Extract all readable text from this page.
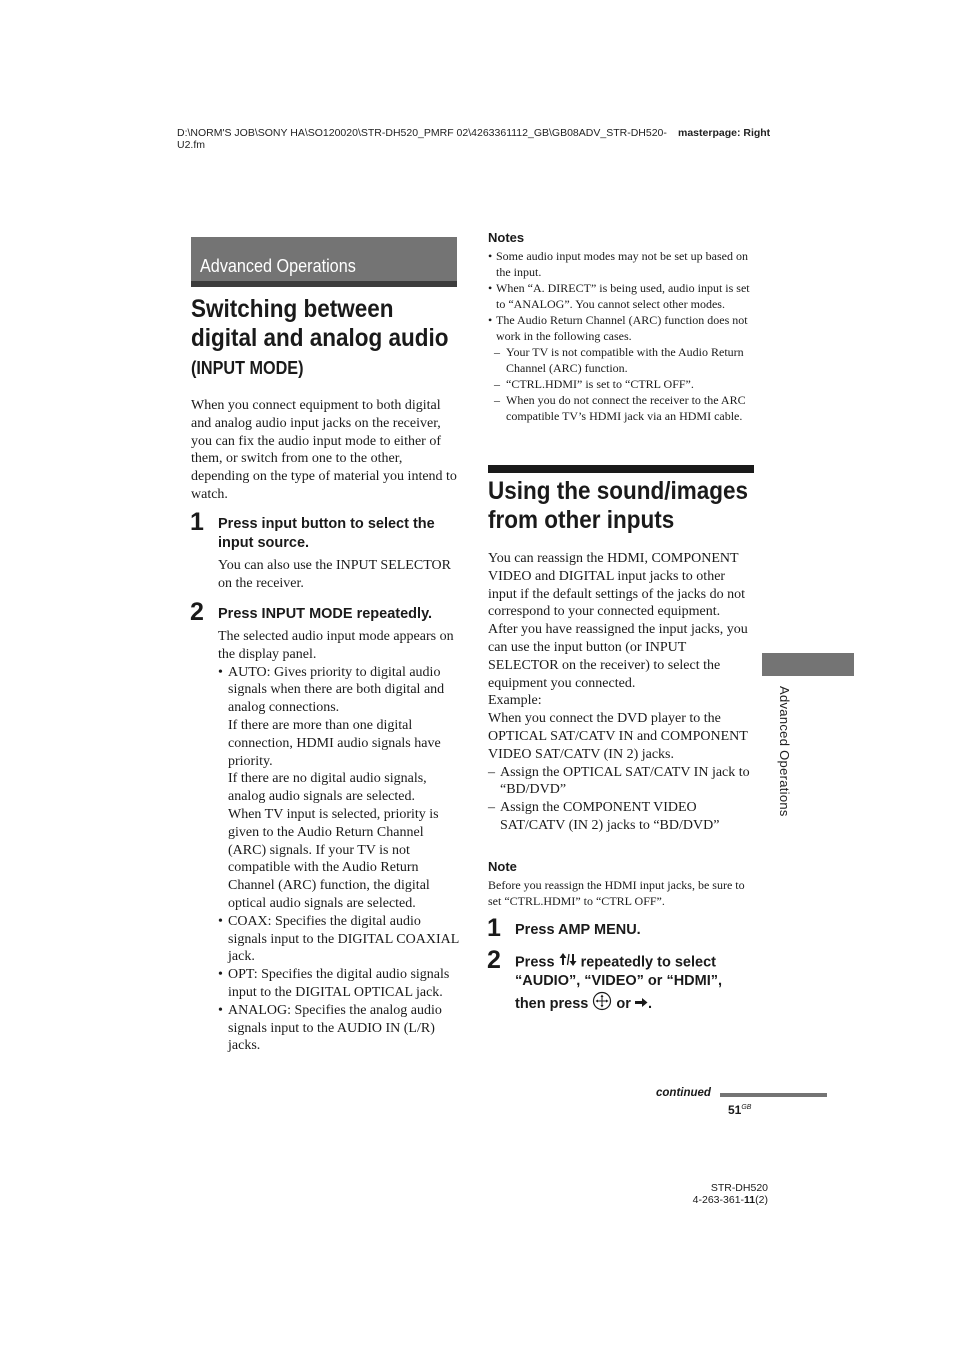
D:\NORM'S JOB\SONY HA\SO120020\STR-DH520_PMRF 02\4263361112_GB\GB08ADV_STR-DH520-U2.fm
masterpage: Right
Advanced Operations
Switching between
digital and analog audio
(INPUT MODE)
When you connect equipment to both digital and analog audio input jacks on the receiver, you can fix the audio input mode to either of them, or switch from one to the other, depending on the type of material you intend to watch.
1 Press input button to select the input source.
You can also use the INPUT SELECTOR on the receiver.
2 Press INPUT MODE repeatedly.
The selected audio input mode appears on the display panel.
• AUTO: Gives priority to digital audio signals when there are both digital and analog connections.
If there are more than one digital connection, HDMI audio signals have priority.
If there are no digital audio signals, analog audio signals are selected.
When TV input is selected, priority is given to the Audio Return Channel (ARC) signals. If your TV is not compatible with the Audio Return Channel (ARC) function, the digital optical audio signals are selected.
• COAX: Specifies the digital audio signals input to the DIGITAL COAXIAL jack.
• OPT: Specifies the digital audio signals input to the DIGITAL OPTICAL jack.
• ANALOG: Specifies the analog audio signals input to the AUDIO IN (L/R) jacks.
Notes
• Some audio input modes may not be set up based on the input.
• When “A. DIRECT” is being used, audio input is set to “ANALOG”. You cannot select other modes.
• The Audio Return Channel (ARC) function does not work in the following cases.
– Your TV is not compatible with the Audio Return Channel (ARC) function.
– “CTRL.HDMI” is set to “CTRL OFF”.
– When you do not connect the receiver to the ARC compatible TV’s HDMI jack via an HDMI cable.
Using the sound/images
from other inputs
You can reassign the HDMI, COMPONENT VIDEO and DIGITAL input jacks to other input if the default settings of the jacks do not correspond to your connected equipment.
After you have reassigned the input jacks, you can use the input button (or INPUT SELECTOR on the receiver) to select the equipment you connected.
Example:
When you connect the DVD player to the OPTICAL SAT/CATV IN and COMPONENT VIDEO SAT/CATV (IN 2) jacks.
– Assign the OPTICAL SAT/CATV IN jack to “BD/DVD”
– Assign the COMPONENT VIDEO SAT/CATV (IN 2) jacks to “BD/DVD”
Note
Before you reassign the HDMI input jacks, be sure to set “CTRL.HDMI” to “CTRL OFF”.
1 Press AMP MENU.
2 Press repeatedly to select
“AUDIO”, “VIDEO” or “HDMI”,
then press or .
Advanced Operations
continued
$51^{GB}$
STR-DH520
4-263-361-11(2)
